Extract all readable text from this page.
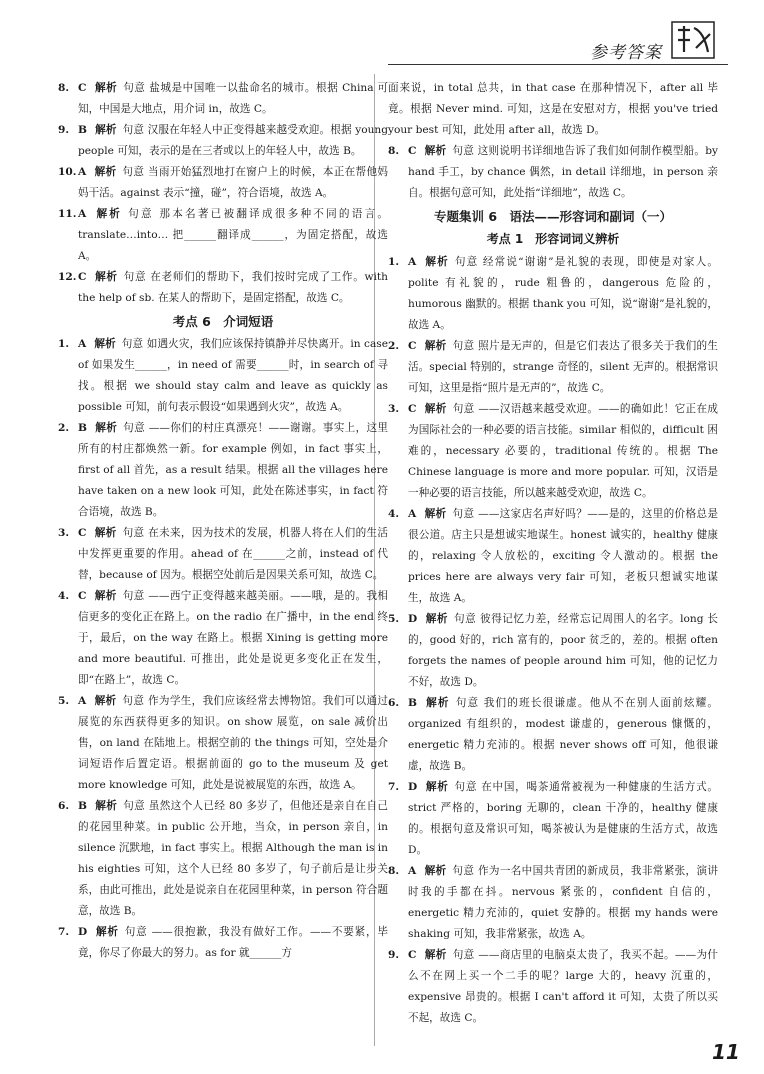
参考答案
8. C 解析 句意 盐城是中国唯一以盐命名的城市。根据 China 可知，中国是大地点，用介词 in，故选 C。
9. B 解析 句意 汉服在年轻人中正变得越来越受欢迎。根据 young people 可知，表示的是在三者或以上的年轻人中，故选 B。
10. A 解析 句意 当雨开始猛烈地打在窗户上的时候，本正在帮他妈妈干活。against 表示“撞，碰”，符合语境，故选 A。
11. A 解析 句意 那本名著已被翻译成很多种不同的语言。translate…into… 把______翻译成______，为固定搭配，故选 A。
12. C 解析 句意 在老师们的帮助下，我们按时完成了工作。with the help of sb. 在某人的帮助下，是固定搭配，故选 C。
考点 6　介词短语
1. A 解析 句意 如遇火灾，我们应该保持镇静并尽快离开。in case of 如果发生______，in need of 需要______时，in search of 寻找。根据 we should stay calm and leave as quickly as possible 可知，前句表示假设“如果遇到火灾”，故选 A。
2. B 解析 句意 ——你们的村庄真漂亮！——谢谢。事实上，这里所有的村庄都焕然一新。for example 例如，in fact 事实上，first of all 首先，as a result 结果。根据 all the villages here have taken on a new look 可知，此处在陈述事实，in fact 符合语境，故选 B。
3. C 解析 句意 在未来，因为技术的发展，机器人将在人们的生活中发挥更重要的作用。ahead of 在______之前，instead of 代替，because of 因为。根据空处前后是因果关系可知，故选 C。
4. C 解析 句意 ——西宁正变得越来越美丽。——哦，是的。我相信更多的变化正在路上。on the radio 在广播中，in the end 终于，最后，on the way 在路上。根据 Xining is getting more and more beautiful. 可推出，此处是说更多变化正在发生，即“在路上”，故选 C。
5. A 解析 句意 作为学生，我们应该经常去博物馆。我们可以通过展览的东西获得更多的知识。on show 展览，on sale 减价出售，on land 在陆地上。根据空前的 the things 可知，空处是介词短语作后置定语。根据前面的 go to the museum 及 get more knowledge 可知，此处是说被展览的东西，故选 A。
6. B 解析 句意 虽然这个人已经 80 多岁了，但他还是亲自在自己的花园里种菜。in public 公开地，当众，in person 亲自，in silence 沉默地，in fact 事实上。根据 Although the man is in his eighties 可知，这个人已经 80 多岁了，句子前后是让步关系，由此可推出，此处是说亲自在花园里种菜，in person 符合题意，故选 B。
7. D 解析 句意 ——很抱歉，我没有做好工作。——不要紧，毕竟，你尽了你最大的努力。as for 就______方
面来说，in total 总共，in that case 在那种情况下，after all 毕竟。根据 Never mind. 可知，这是在安慰对方，根据 you've tried your best 可知，此处用 after all，故选 D。
8. C 解析 句意 这则说明书详细地告诉了我们如何制作模型船。by hand 手工，by chance 偶然，in detail 详细地，in person 亲自。根据句意可知，此处指“详细地”，故选 C。
专题集训 6　语法——形容词和副词（一）
考点 1　形容词词义辨析
1. A 解析 句意 经常说“谢谢”是礼貌的表现，即使是对家人。polite 有礼貌的，rude 粗鲁的，dangerous 危险的，humorous 幽默的。根据 thank you 可知，说“谢谢”是礼貌的，故选 A。
2. C 解析 句意 照片是无声的，但是它们表达了很多关于我们的生活。special 特别的，strange 奇怪的，silent 无声的。根据常识可知，这里是指“照片是无声的”，故选 C。
3. C 解析 句意 ——汉语越来越受欢迎。——的确如此！它正在成为国际社会的一种必要的语言技能。similar 相似的，difficult 困难的，necessary 必要的，traditional 传统的。根据 The Chinese language is more and more popular. 可知，汉语是一种必要的语言技能，所以越来越受欢迎，故选 C。
4. A 解析 句意 ——这家店名声好吗？——是的，这里的价格总是很公道。店主只是想诚实地谋生。honest 诚实的，healthy 健康的，relaxing 令人放松的，exciting 令人激动的。根据 the prices here are always very fair 可知，老板只想诚实地谋生，故选 A。
5. D 解析 句意 彼得记忆力差，经常忘记周围人的名字。long 长的，good 好的，rich 富有的，poor 贫乏的，差的。根据 often forgets the names of people around him 可知，他的记忆力不好，故选 D。
6. B 解析 句意 我们的班长很谦虚。他从不在别人面前炫耀。organized 有组织的，modest 谦虚的，generous 慷慨的，energetic 精力充沛的。根据 never shows off 可知，他很谦虚，故选 B。
7. D 解析 句意 在中国，喝茶通常被视为一种健康的生活方式。strict 严格的，boring 无聊的，clean 干净的，healthy 健康的。根据句意及常识可知，喝茶被认为是健康的生活方式，故选 D。
8. A 解析 句意 作为一名中国共青团的新成员，我非常紧张，演讲时我的手都在抖。nervous 紧张的，confident 自信的，energetic 精力充沛的，quiet 安静的。根据 my hands were shaking 可知，我非常紧张，故选 A。
9. C 解析 句意 ——商店里的电脑桌太贵了，我买不起。——为什么不在网上买一个二手的呢？large 大的，heavy 沉重的，expensive 昂贵的。根据 I can't afford it 可知，太贵了所以买不起，故选 C。
11
